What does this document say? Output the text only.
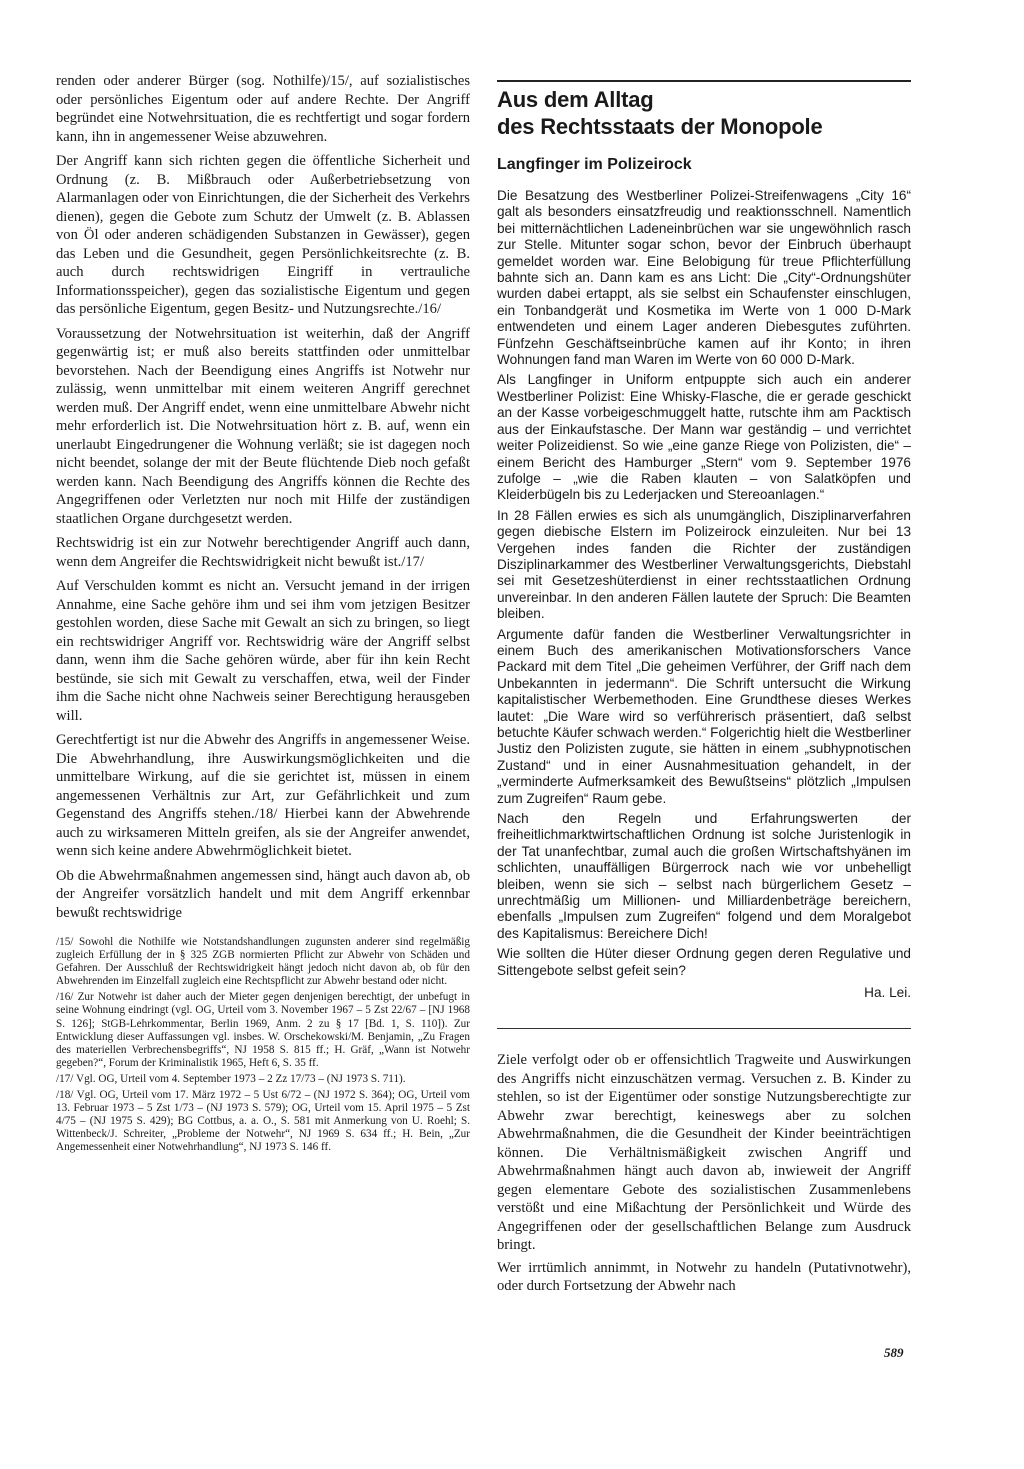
renden oder anderer Bürger (sog. Nothilfe)/15/, auf sozialistisches oder persönliches Eigentum oder auf andere Rechte. Der Angriff begründet eine Notwehrsituation, die es rechtfertigt und sogar fordern kann, ihn in angemessener Weise abzuwehren.

Der Angriff kann sich richten gegen die öffentliche Sicherheit und Ordnung (z. B. Mißbrauch oder Außerbetriebsetzung von Alarmanlagen oder von Einrichtungen, die der Sicherheit des Verkehrs dienen), gegen die Gebote zum Schutz der Umwelt (z. B. Ablassen von Öl oder anderen schädigenden Substanzen in Gewässer), gegen das Leben und die Gesundheit, gegen Persönlichkeitsrechte (z. B. auch durch rechtswidrigen Eingriff in vertrauliche Informationsspeicher), gegen das sozialistische Eigentum und gegen das persönliche Eigentum, gegen Besitz- und Nutzungsrechte./16/

Voraussetzung der Notwehrsituation ist weiterhin, daß der Angriff gegenwärtig ist; er muß also bereits stattfinden oder unmittelbar bevorstehen. Nach der Beendigung eines Angriffs ist Notwehr nur zulässig, wenn unmittelbar mit einem weiteren Angriff gerechnet werden muß. Der Angriff endet, wenn eine unmittelbare Abwehr nicht mehr erforderlich ist. Die Notwehrsituation hört z. B. auf, wenn ein unerlaubt Eingedrungener die Wohnung verläßt; sie ist dagegen noch nicht beendet, solange der mit der Beute flüchtende Dieb noch gefaßt werden kann. Nach Beendigung des Angriffs können die Rechte des Angegriffenen oder Verletzten nur noch mit Hilfe der zuständigen staatlichen Organe durchgesetzt werden.

Rechtswidrig ist ein zur Notwehr berechtigender Angriff auch dann, wenn dem Angreifer die Rechtswidrigkeit nicht bewußt ist./17/

Auf Verschulden kommt es nicht an. Versucht jemand in der irrigen Annahme, eine Sache gehöre ihm und sei ihm vom jetzigen Besitzer gestohlen worden, diese Sache mit Gewalt an sich zu bringen, so liegt ein rechtswidriger Angriff vor. Rechtswidrig wäre der Angriff selbst dann, wenn ihm die Sache gehören würde, aber für ihn kein Recht bestünde, sie sich mit Gewalt zu verschaffen, etwa, weil der Finder ihm die Sache nicht ohne Nachweis seiner Berechtigung herausgeben will.

Gerechtfertigt ist nur die Abwehr des Angriffs in angemessener Weise. Die Abwehrhandlung, ihre Auswirkungsmöglichkeiten und die unmittelbare Wirkung, auf die sie gerichtet ist, müssen in einem angemessenen Verhältnis zur Art, zur Gefährlichkeit und zum Gegenstand des Angriffs stehen./18/ Hierbei kann der Abwehrende auch zu wirksameren Mitteln greifen, als sie der Angreifer anwendet, wenn sich keine andere Abwehrmöglichkeit bietet.

Ob die Abwehrmaßnahmen angemessen sind, hängt auch davon ab, ob der Angreifer vorsätzlich handelt und mit dem Angriff erkennbar bewußt rechtswidrige

/15/ Sowohl die Nothilfe wie Notstandshandlungen zugunsten anderer sind regelmäßig zugleich Erfüllung der in § 325 ZGB normierten Pflicht zur Abwehr von Schäden und Gefahren. Der Ausschluß der Rechtswidrigkeit hängt jedoch nicht davon ab, ob für den Abwehrenden im Einzelfall zugleich eine Rechtspflicht zur Abwehr bestand oder nicht.

/16/ Zur Notwehr ist daher auch der Mieter gegen denjenigen berechtigt, der unbefugt in seine Wohnung eindringt (vgl. OG, Urteil vom 3. November 1967 – 5 Zst 22/67 – [NJ 1968 S. 126]; StGB-Lehrkommentar, Berlin 1969, Anm. 2 zu § 17 [Bd. 1, S. 110]). Zur Entwicklung dieser Auffassungen vgl. insbes. W. Orschekowski/M. Benjamin, „Zu Fragen des materiellen Verbrechensbegriffs“, NJ 1958 S. 815 ff.; H. Gräf, „Wann ist Notwehr gegeben?“, Forum der Kriminalistik 1965, Heft 6, S. 35 ff.

/17/ Vgl. OG, Urteil vom 4. September 1973 – 2 Zz 17/73 – (NJ 1973 S. 711).

/18/ Vgl. OG, Urteil vom 17. März 1972 – 5 Ust 6/72 – (NJ 1972 S. 364); OG, Urteil vom 13. Februar 1973 – 5 Zst 1/73 – (NJ 1973 S. 579); OG, Urteil vom 15. April 1975 – 5 Zst 4/75 – (NJ 1975 S. 429); BG Cottbus, a. a. O., S. 581 mit Anmerkung von U. Roehl; S. Wittenbeck/J. Schreiter, „Probleme der Notwehr“, NJ 1969 S. 634 ff.; H. Bein, „Zur Angemessenheit einer Notwehrhandlung“, NJ 1973 S. 146 ff.

Aus dem Alltag
des Rechtsstaats der Monopole
Langfinger im Polizeirock

Die Besatzung des Westberliner Polizei-Streifenwagens „City 16“ galt als besonders einsatzfreudig und reaktionsschnell. Namentlich bei mitternächtlichen Ladeneinbrüchen war sie ungewöhnlich rasch zur Stelle. Mitunter sogar schon, bevor der Einbruch überhaupt gemeldet worden war. Eine Belobigung für treue Pflichterfüllung bahnte sich an. Dann kam es ans Licht: Die „City“-Ordnungshüter wurden dabei ertappt, als sie selbst ein Schaufenster einschlugen, ein Tonbandgerät und Kosmetika im Werte von 1 000 D-Mark entwendeten und einem Lager anderen Diebesgutes zuführten. Fünfzehn Geschäftseinbrüche kamen auf ihr Konto; in ihren Wohnungen fand man Waren im Werte von 60 000 D-Mark.

Als Langfinger in Uniform entpuppte sich auch ein anderer Westberliner Polizist: Eine Whisky-Flasche, die er gerade geschickt an der Kasse vorbeigeschmuggelt hatte, rutschte ihm am Packtisch aus der Einkaufstasche. Der Mann war geständig – und verrichtet weiter Polizeidienst. So wie „eine ganze Riege von Polizisten, die“ – einem Bericht des Hamburger „Stern“ vom 9. September 1976 zufolge – „wie die Raben klauten – von Salatköpfen und Kleiderbügeln bis zu Lederjacken und Stereoanlagen.“

In 28 Fällen erwies es sich als unumgänglich, Disziplinarverfahren gegen diebische Elstern im Polizeirock einzuleiten. Nur bei 13 Vergehen indes fanden die Richter der zuständigen Disziplinarkammer des Westberliner Verwaltungsgerichts, Diebstahl sei mit Gesetzeshüterdienst in einer rechtsstaatlichen Ordnung unvereinbar. In den anderen Fällen lautete der Spruch: Die Beamten bleiben.

Argumente dafür fanden die Westberliner Verwaltungsrichter in einem Buch des amerikanischen Motivationsforschers Vance Packard mit dem Titel „Die geheimen Verführer, der Griff nach dem Unbekannten in jedermann“. Die Schrift untersucht die Wirkung kapitalistischer Werbemethoden. Eine Grundthese dieses Werkes lautet: „Die Ware wird so verführerisch präsentiert, daß selbst betuchte Käufer schwach werden.“ Folgerichtig hielt die Westberliner Justiz den Polizisten zugute, sie hätten in einem „subhypnotischen Zustand“ und in einer Ausnahmesituation gehandelt, in der „verminderte Aufmerksamkeit des Bewußtseins“ plötzlich „Impulsen zum Zugreifen“ Raum gebe.

Nach den Regeln und Erfahrungswerten der freiheitlichmarktwirtschaftlichen Ordnung ist solche Juristenlogik in der Tat unanfechtbar, zumal auch die großen Wirtschaftshyänen im schlichten, unauffälligen Bürgerrock nach wie vor unbehelligt bleiben, wenn sie sich – selbst nach bürgerlichem Gesetz – unrechtmäßig um Millionen- und Milliardenbeträge bereichern, ebenfalls „Impulsen zum Zugreifen“ folgend und dem Moralgebot des Kapitalismus: Bereichere Dich!

Wie sollten die Hüter dieser Ordnung gegen deren Regulative und Sittengebote selbst gefeit sein?

Ha. Lei.

Ziele verfolgt oder ob er offensichtlich Tragweite und Auswirkungen des Angriffs nicht einzuschätzen vermag. Versuchen z. B. Kinder zu stehlen, so ist der Eigentümer oder sonstige Nutzungsberechtigte zur Abwehr zwar berechtigt, keineswegs aber zu solchen Abwehrmaßnahmen, die die Gesundheit der Kinder beeinträchtigen können. Die Verhältnismäßigkeit zwischen Angriff und Abwehrmaßnahmen hängt auch davon ab, inwieweit der Angriff gegen elementare Gebote des sozialistischen Zusammenlebens verstößt und eine Mißachtung der Persönlichkeit und Würde des Angegriffenen oder der gesellschaftlichen Belange zum Ausdruck bringt.

Wer irrtümlich annimmt, in Notwehr zu handeln (Putativnotwehr), oder durch Fortsetzung der Abwehr nach

589
